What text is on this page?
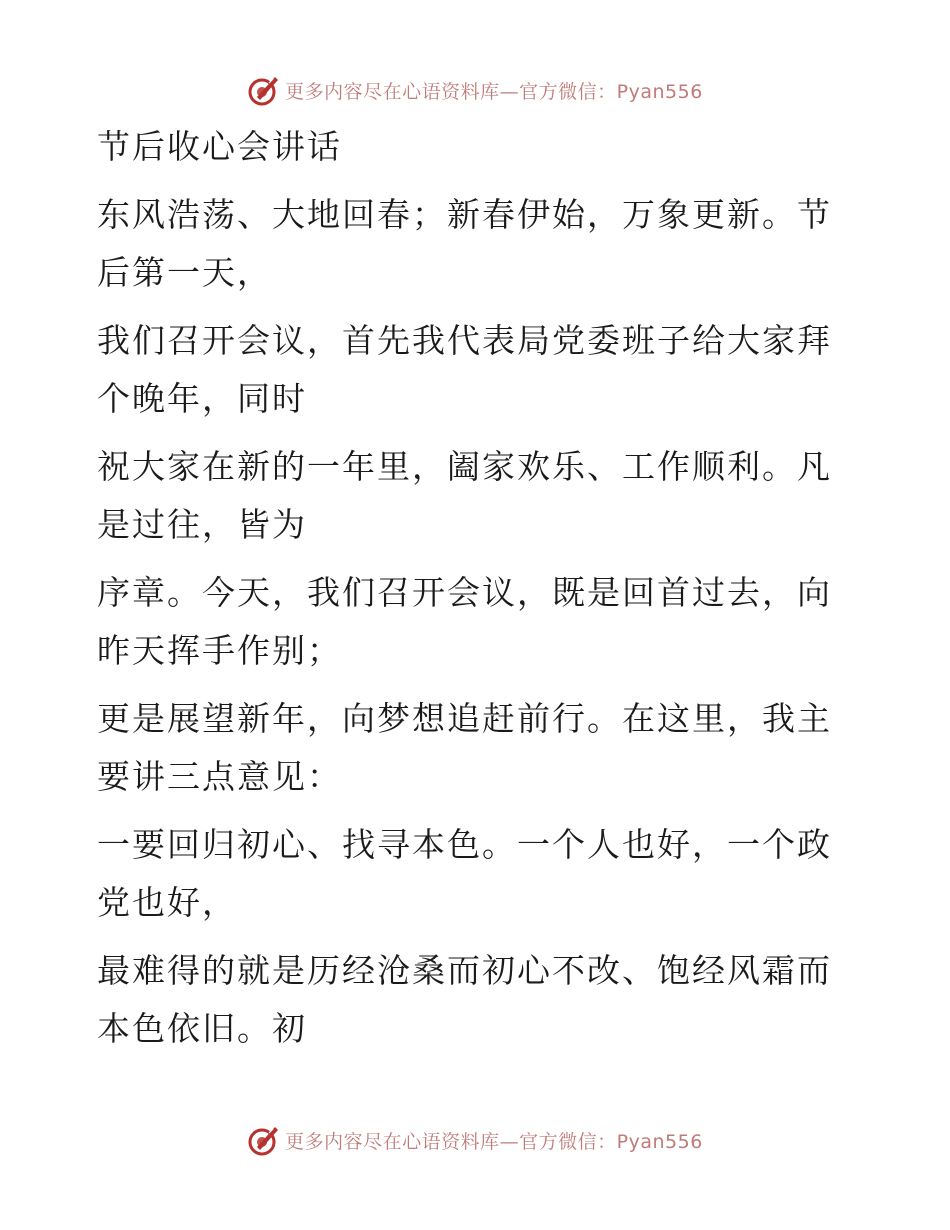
更多内容尽在心语资料库—官方微信：Pyan556
节后收心会讲话
东风浩荡、大地回春；新春伊始，万象更新。节
后第一天，
我们召开会议，首先我代表局党委班子给大家拜
个晚年，同时
祝大家在新的一年里，阖家欢乐、工作顺利。凡
是过往，皆为
序章。今天，我们召开会议，既是回首过去，向
昨天挥手作别；
更是展望新年，向梦想追赶前行。在这里，我主
要讲三点意见：
一要回归初心、找寻本色。一个人也好，一个政
党也好，
最难得的就是历经沧桑而初心不改、饱经风霜而
本色依旧。初
更多内容尽在心语资料库—官方微信：Pyan556
